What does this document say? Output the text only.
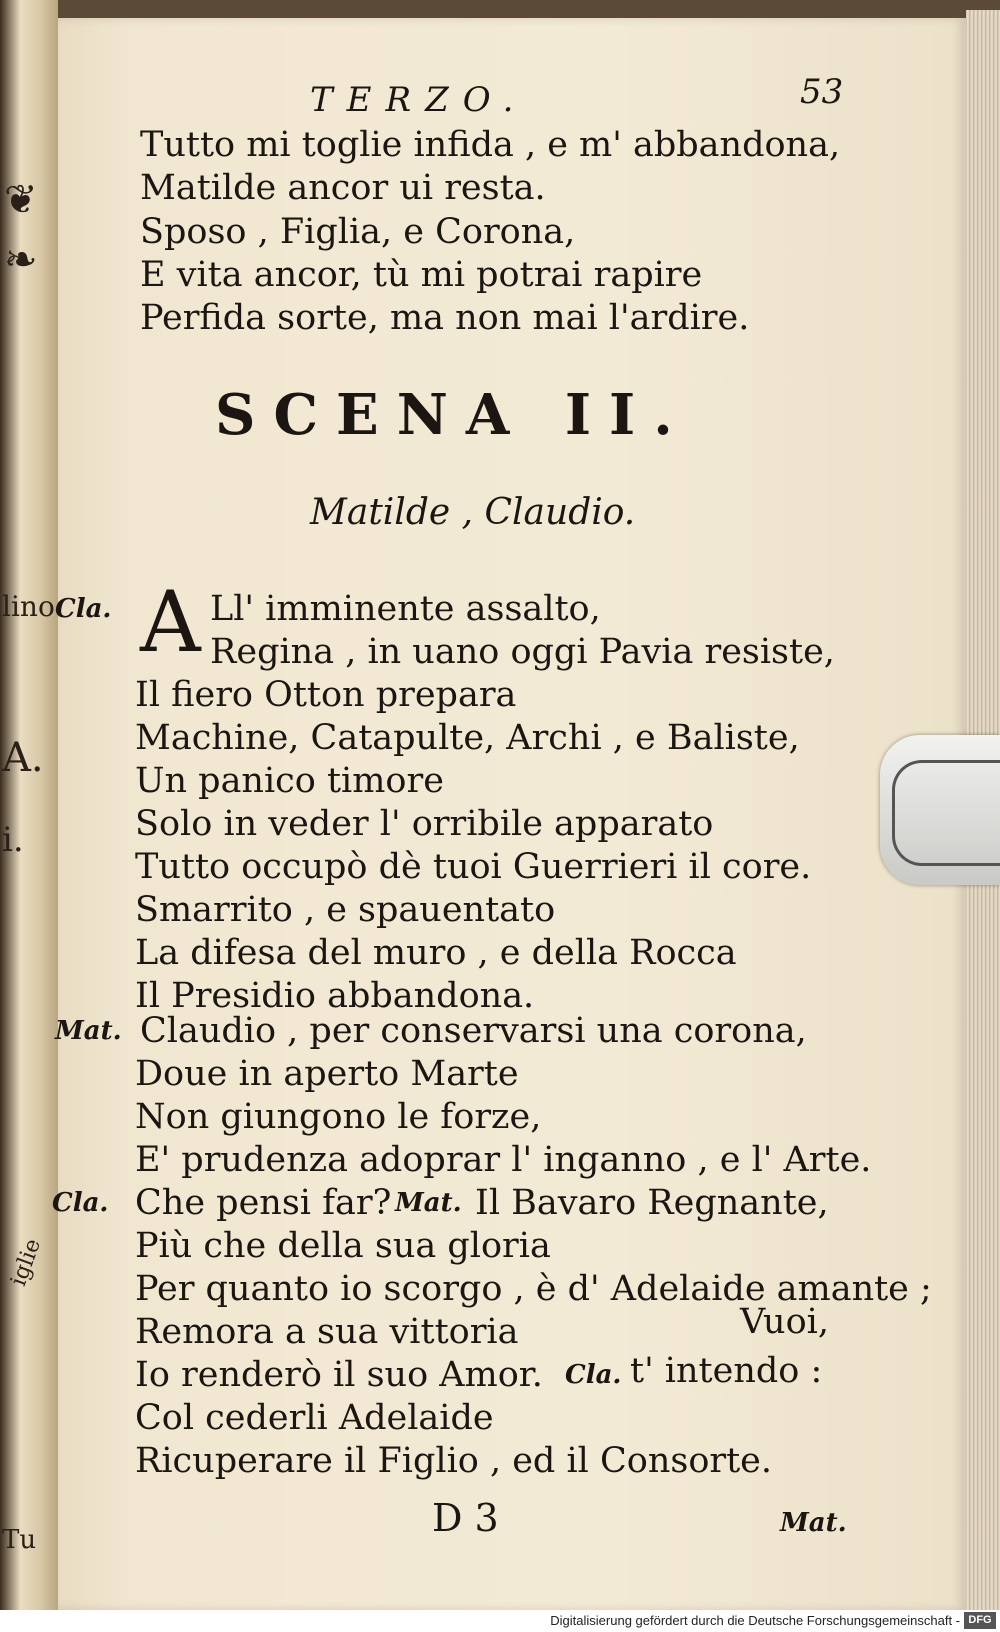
lino
A.
i.
iglie
Tu
❦
❧
TERZO.	53
Tutto mi toglie infida , e m' abbandona,
Matilde ancor ui resta.
Sposo , Figlia, e Corona,
E vita ancor, tù mi potrai rapire
Perfida sorte, ma non mai l'ardire.
SCENA II.
Matilde , Claudio.
Cla. A Ll' imminente assalto,
Regina , in uano oggi Pavia resiste,
Il fiero Otton prepara
Machine, Catapulte, Archi , e Baliste,
Un panico timore
Solo in veder l' orribile apparato
Tutto occupò dè tuoi Guerrieri il core.
Smarrito , e spauentato
La difesa del muro , e della Rocca
Il Presidio abbandona.
Mat. Claudio , per conservarsi una corona,
Doue in aperto Marte
Non giungono le forze,
E' prudenza adoprar l' inganno , e l' Arte.
Cla. Che pensi far? Mat. Il Bavaro Regnante,
Più che della sua gloria
Per quanto io scorgo , è d' Adelaide amante ;
Remora a sua vittoria	Vuoi,
Io renderò il suo Amor. Cla. t' intendo :
Col cederli Adelaide
Ricuperare il Figlio , ed il Consorte.
D 3	Mat.
Digitalisierung gefördert durch die Deutsche Forschungsgemeinschaft - DFG
